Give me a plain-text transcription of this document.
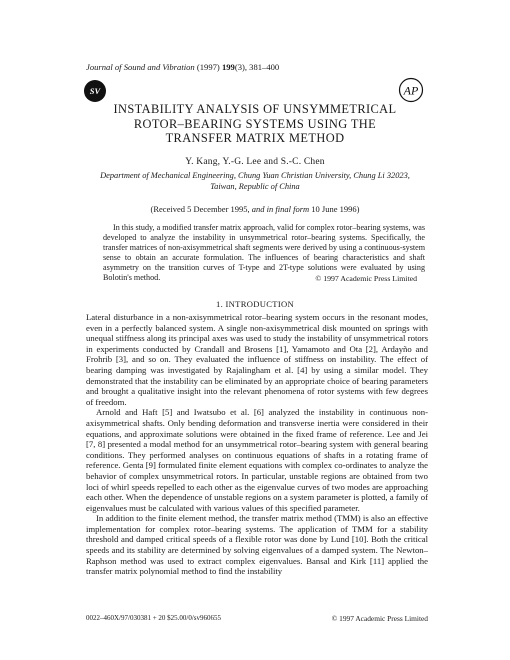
Journal of Sound and Vibration (1997) 199(3), 381–400
SV	AP
INSTABILITY ANALYSIS OF UNSYMMETRICAL
ROTOR–BEARING SYSTEMS USING THE
TRANSFER MATRIX METHOD
Y. Kang, Y.-G. Lee and S.-C. Chen
Department of Mechanical Engineering, Chung Yuan Christian University, Chung Li 32023,
Taiwan, Republic of China
(Received 5 December 1995, and in final form 10 June 1996)

In this study, a modified transfer matrix approach, valid for complex rotor–bearing systems, was developed to analyze the instability in unsymmetrical rotor–bearing systems. Specifically, the transfer matrices of non-axisymmetrical shaft segments were derived by using a continuous-system sense to obtain an accurate formulation. The influences of bearing characteristics and shaft asymmetry on the transition curves of T-type and 2T-type solutions were evaluated by using Bolotin's method.	© 1997 Academic Press Limited
1. INTRODUCTION

Lateral disturbance in a non-axisymmetrical rotor–bearing system occurs in the resonant modes, even in a perfectly balanced system. A single non-axisymmetrical disk mounted on springs with unequal stiffness along its principal axes was used to study the instability of unsymmetrical rotors in experiments conducted by Crandall and Brosens [1], Yamamoto and Ota [2], Ardayño and Frohrib [3], and so on. They evaluated the influence of stiffness on instability. The effect of bearing damping was investigated by Rajalingham et al. [4] by using a similar model. They demonstrated that the instability can be eliminated by an appropriate choice of bearing parameters and brought a qualitative insight into the relevant phenomena of rotor systems with few degrees of freedom.

Arnold and Haft [5] and Iwatsubo et al. [6] analyzed the instability in continuous non-axisymmetrical shafts. Only bending deformation and transverse inertia were considered in their equations, and approximate solutions were obtained in the fixed frame of reference. Lee and Jei [7, 8] presented a modal method for an unsymmetrical rotor–bearing system with general bearing conditions. They performed analyses on continuous equations of shafts in a rotating frame of reference. Genta [9] formulated finite element equations with complex co-ordinates to analyze the behavior of complex unsymmetrical rotors. In particular, unstable regions are obtained from two loci of whirl speeds repelled to each other as the eigenvalue curves of two modes are approaching each other. When the dependence of unstable regions on a system parameter is plotted, a family of eigenvalues must be calculated with various values of this specified parameter.

In addition to the finite element method, the transfer matrix method (TMM) is also an effective implementation for complex rotor–bearing systems. The application of TMM for a stability threshold and damped critical speeds of a flexible rotor was done by Lund [10]. Both the critical speeds and its stability are determined by solving eigenvalues of a damped system. The Newton–Raphson method was used to extract complex eigenvalues. Bansal and Kirk [11] applied the transfer matrix polynomial method to find the instability

0022–460X/97/030381 + 20 $25.00/0/sv960655	© 1997 Academic Press Limited
